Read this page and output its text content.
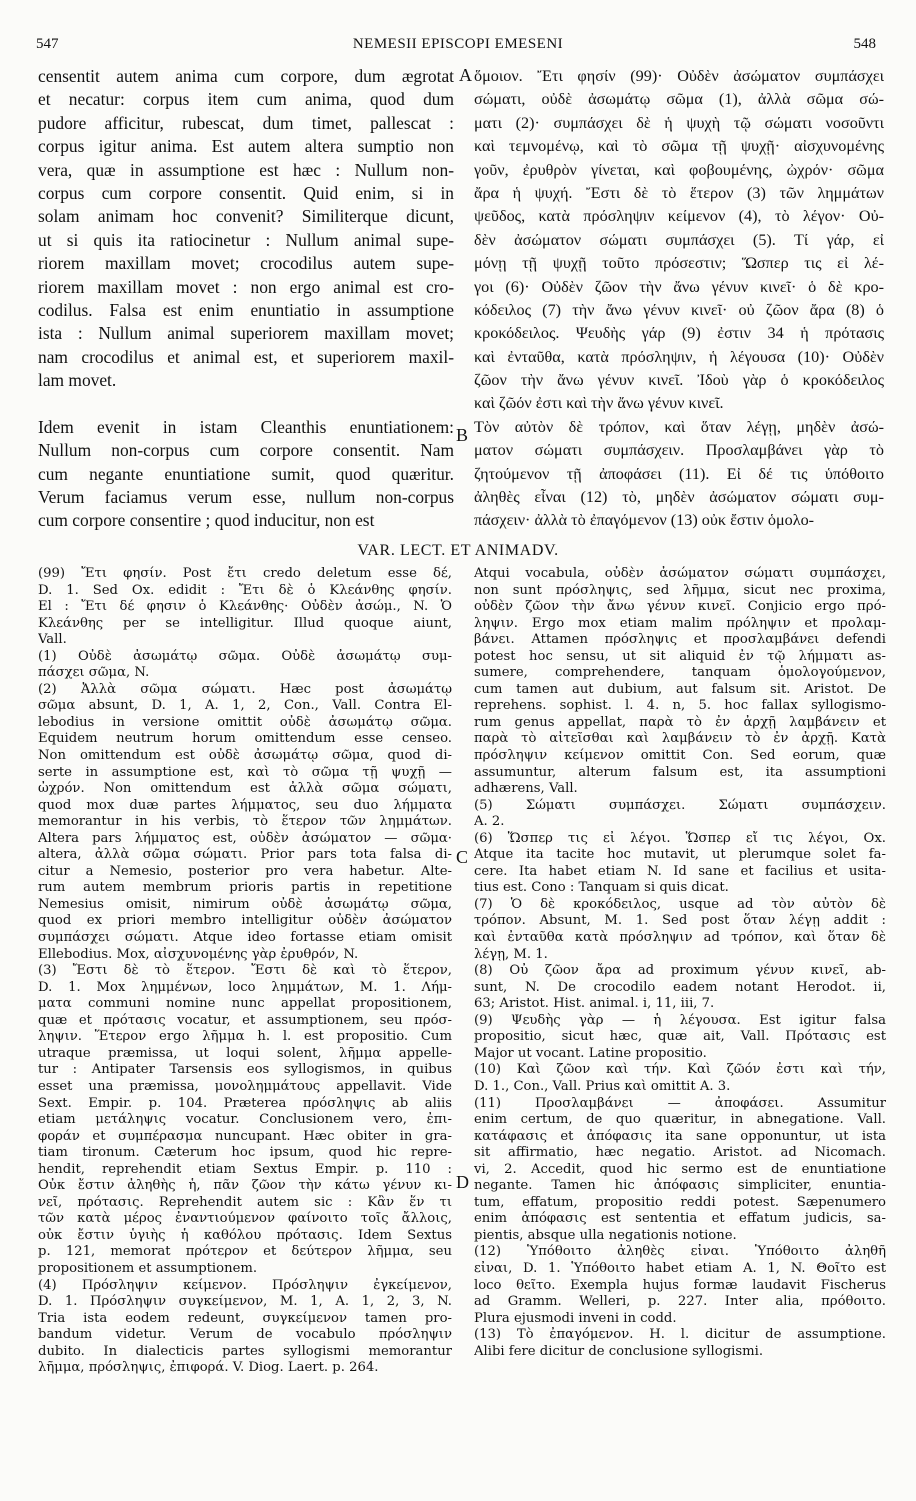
547	NEMESII EPISCOPI EMESENI	548
censentit autem anima cum corpore, dum ægrotat
et necatur: corpus item cum anima, quod dum
pudore afficitur, rubescat, dum timet, pallescat :
corpus igitur anima. Est autem altera sumptio non
vera, quæ in assumptione est hæc : Nullum non-
corpus cum corpore consentit. Quid enim, si in
solam animam hoc convenit? Similiterque dicunt,
ut si quis ita ratiocinetur : Nullum animal supe-
riorem maxillam movet; crocodilus autem supe-
riorem maxillam movet : non ergo animal est cro-
codilus. Falsa est enim enuntiatio in assumptione
ista : Nullum animal superiorem maxillam movet;
nam crocodilus et animal est, et superiorem maxil-
lam movet.
Idem evenit in istam Cleanthis enuntiationem:
Nullum non-corpus cum corpore consentit. Nam
cum negante enuntiatione sumit, quod quæritur.
Verum faciamus verum esse, nullum non-corpus
cum corpore consentire ; quod inducitur, non est
ὅμοιον. Ἔτι φησίν (99)· Οὐδὲν ἀσώματον συμπάσχει
σώματι, οὐδὲ ἀσωμάτῳ σῶμα (1), ἀλλὰ σῶμα σώ-
ματι (2)· συμπάσχει δὲ ἡ ψυχὴ τῷ σώματι νοσοῦντι
καὶ τεμνομένῳ, καὶ τὸ σῶμα τῇ ψυχῇ· αἰσχυνομένης
γοῦν, ἐρυθρὸν γίνεται, καὶ φοβουμένης, ὠχρόν· σῶμα
ἄρα ἡ ψυχή. Ἔστι δὲ τὸ ἕτερον (3) τῶν λημμάτων
ψεῦδος, κατὰ πρόσληψιν κείμενον (4), τὸ λέγον· Οὐ-
δὲν ἀσώματον σώματι συμπάσχει (5). Τί γάρ, εἰ
μόνῃ τῇ ψυχῇ τοῦτο πρόσεστιν; Ὥσπερ τις εἰ λέ-
γοι (6)· Οὐδὲν ζῶον τὴν ἄνω γένυν κινεῖ· ὁ δὲ κρο-
κόδειλος (7) τὴν ἄνω γένυν κινεῖ· οὐ ζῶον ἄρα (8) ὁ
κροκόδειλος. Ψευδὴς γάρ (9) ἐστιν 34 ἡ πρότασις
καὶ ἐνταῦθα, κατὰ πρόσληψιν, ἡ λέγουσα (10)· Οὐδὲν
ζῶον τὴν ἄνω γένυν κινεῖ. Ἰδοὺ γὰρ ὁ κροκόδειλος
καὶ ζῶόν ἐστι καὶ τὴν ἄνω γένυν κινεῖ.
Τὸν αὐτὸν δὲ τρόπον, καὶ ὅταν λέγῃ, μηδὲν ἀσώ-
ματον σώματι συμπάσχειν. Προσλαμβάνει γὰρ τὸ
ζητούμενον τῇ ἀποφάσει (11). Εἰ δέ τις ὑπόθοιτο
ἀληθὲς εἶναι (12) τὸ, μηδὲν ἀσώματον σώματι συμ-
πάσχειν· ἀλλὰ τὸ ἐπαγόμενον (13) οὐκ ἔστιν ὁμολο-
A
B
C
D
VAR. LECT. ET ANIMADV.
(99) Ἔτι φησίν. Post ἔτι credo deletum esse δέ,
D. 1. Sed Ox. edidit : Ἔτι δὲ ὁ Κλεάνθης φησίν.
El : Ἔτι δέ φησιν ὁ Κλεάνθης· Οὐδὲν ἀσώμ., N. Ὁ
Κλεάνθης per se intelligitur. Illud quoque aiunt,
Vall.
(1) Οὐδὲ ἀσωμάτῳ σῶμα. Οὐδὲ ἀσωμάτῳ συμ-
πάσχει σῶμα, N.
(2) Ἀλλὰ σῶμα σώματι. Hæc post ἀσωμάτῳ
σῶμα absunt, D. 1, A. 1, 2, Con., Vall. Contra El-
lebodius in versione omittit οὐδὲ ἀσωμάτῳ σῶμα.
Equidem neutrum horum omittendum esse censeo.
Non omittendum est οὐδὲ ἀσωμάτῳ σῶμα, quod di-
serte in assumptione est, καὶ τὸ σῶμα τῇ ψυχῇ —
ὠχρόν. Non omittendum est ἀλλὰ σῶμα σώματι,
quod mox duæ partes λήμματος, seu duo λήμματα
memorantur in his verbis, τὸ ἕτερον τῶν λημμάτων.
Altera pars λήμματος est, οὐδὲν ἀσώματον — σῶμα·
altera, ἀλλὰ σῶμα σώματι. Prior pars tota falsa di-
citur a Nemesio, posterior pro vera habetur. Alte-
rum autem membrum prioris partis in repetitione
Nemesius omisit, nimirum οὐδὲ ἀσωμάτῳ σῶμα,
quod ex priori membro intelligitur οὐδὲν ἀσώματον
συμπάσχει σώματι. Atque ideo fortasse etiam omisit
Ellebodius. Mox, αἰσχυνομένης γὰρ ἐρυθρόν, N.
(3) Ἔστι δὲ τὸ ἕτερον. Ἔστι δὲ καὶ τὸ ἕτερον,
D. 1. Mox λημμένων, loco λημμάτων, M. 1. Λήμ-
ματα communi nomine nunc appellat propositionem,
quæ et πρότασις vocatur, et assumptionem, seu πρόσ-
ληψιν. Ἕτερον ergo λῆμμα h. l. est propositio. Cum
utraque præmissa, ut loqui solent, λῆμμα appelle-
tur : Antipater Tarsensis eos syllogismos, in quibus
esset una præmissa, μονολημμάτους appellavit. Vide
Sext. Empir. p. 104. Præterea πρόσληψις ab aliis
etiam μετάληψις vocatur. Conclusionem vero, ἐπι-
φοράν et συμπέρασμα nuncupant. Hæc obiter in gra-
tiam tironum. Cæterum hoc ipsum, quod hic repre-
hendit, reprehendit etiam Sextus Empir. p. 110 :
Οὐκ ἔστιν ἀληθὴς ἡ, πᾶν ζῶον τὴν κάτω γένυν κι-
νεῖ, πρότασις. Reprehendit autem sic : Κἂν ἕν τι
τῶν κατὰ μέρος ἐναντιούμενον φαίνοιτο τοῖς ἄλλοις,
οὐκ ἔστιν ὑγιὴς ἡ καθόλου πρότασις. Idem Sextus
p. 121, memorat πρότερον et δεύτερον λῆμμα, seu
propositionem et assumptionem.
(4) Πρόσληψιν κείμενον. Πρόσληψιν ἐγκείμενον,
D. 1. Πρόσληψιν συγκείμενον, M. 1, A. 1, 2, 3, N.
Tria ista eodem redeunt, συγκείμενον tamen pro-
bandum videtur. Verum de vocabulo πρόσληψιν
dubito. In dialecticis partes syllogismi memorantur
λῆμμα, πρόσληψις, ἐπιφορά. V. Diog. Laert. p. 264.
Atqui vocabula, οὐδὲν ἀσώματον σώματι συμπάσχει,
non sunt πρόσληψις, sed λῆμμα, sicut nec proxima,
οὐδὲν ζῶον τὴν ἄνω γένυν κινεῖ. Conjicio ergo πρό-
ληψιν. Ergo mox etiam malim πρόληψιν et προλαμ-
βάνει. Attamen πρόσληψις et προσλαμβάνει defendi
potest hoc sensu, ut sit aliquid ἐν τῷ λήμματι as-
sumere, comprehendere, tanquam ὁμολογούμενον,
cum tamen aut dubium, aut falsum sit. Aristot. De
reprehens. sophist. l. 4. n, 5. hoc fallax syllogismo-
rum genus appellat, παρὰ τὸ ἐν ἀρχῇ λαμβάνειν et
παρὰ τὸ αἰτεῖσθαι καὶ λαμβάνειν τὸ ἐν ἀρχῇ. Κατὰ
πρόσληψιν κείμενον omittit Con. Sed eorum, quæ
assumuntur, alterum falsum est, ita assumptioni
adhærens, Vall.
(5) Σώματι συμπάσχει. Σώματι συμπάσχειν.
A. 2.
(6) Ὥσπερ τις εἰ λέγοι. Ὥσπερ εἴ τις λέγοι, Ox.
Atque ita tacite hoc mutavit, ut plerumque solet fa-
cere. Ita habet etiam N. Id sane et facilius et usita-
tius est. Cono : Tanquam si quis dicat.
(7) Ὁ δὲ κροκόδειλος, usque ad τὸν αὐτὸν δὲ
τρόπον. Absunt, M. 1. Sed post ὅταν λέγῃ addit :
καὶ ἐνταῦθα κατὰ πρόσληψιν ad τρόπον, καὶ ὅταν δὲ
λέγῃ, M. 1.
(8) Οὐ ζῶον ἄρα ad proximum γένυν κινεῖ, ab-
sunt, N. De crocodilo eadem notant Herodot. ii,
63; Aristot. Hist. animal. i, 11, iii, 7.
(9) Ψευδὴς γὰρ — ἡ λέγουσα. Est igitur falsa
propositio, sicut hæc, quæ ait, Vall. Πρότασις est
Major ut vocant. Latine propositio.
(10) Καὶ ζῶον καὶ τήν. Καὶ ζῶόν ἐστι καὶ τήν,
D. 1., Con., Vall. Prius καὶ omittit A. 3.
(11) Προσλαμβάνει — ἀποφάσει. Assumitur
enim certum, de quo quæritur, in abnegatione. Vall.
κατάφασις et ἀπόφασις ita sane opponuntur, ut ista
sit affirmatio, hæc negatio. Aristot. ad Nicomach.
vi, 2. Accedit, quod hic sermo est de enuntiatione
negante. Tamen hic ἀπόφασις simpliciter, enuntia-
tum, effatum, propositio reddi potest. Sæpenumero
enim ἀπόφασις est sententia et effatum judicis, sa-
pientis, absque ulla negationis notione.
(12) Ὑπόθοιτο ἀληθὲς εἶναι. Ὑπόθοιτο ἀληθῆ
εἶναι, D. 1. Ὑπόθοιτο habet etiam A. 1, N. Θοῖτο est
loco θεῖτο. Exempla hujus formæ laudavit Fischerus
ad Gramm. Welleri, p. 227. Inter alia, πρόθοιτο.
Plura ejusmodi inveni in codd.
(13) Τὸ ἐπαγόμενον. H. l. dicitur de assumptione.
Alibi fere dicitur de conclusione syllogismi.
